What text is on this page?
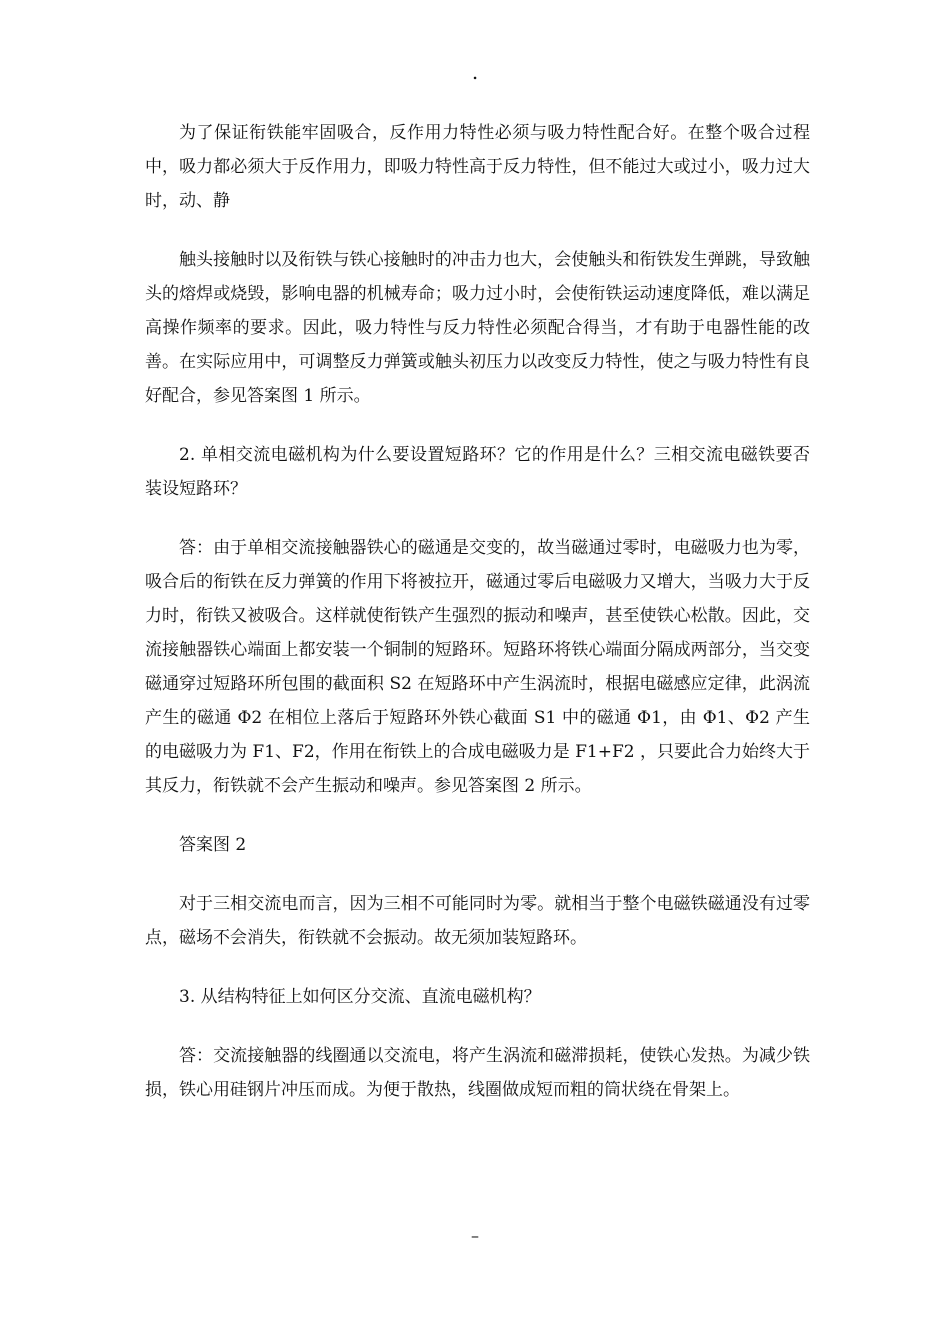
.

为了保证衔铁能牢固吸合，反作用力特性必须与吸力特性配合好。在整个吸合过程中，吸力都必须大于反作用力，即吸力特性高于反力特性，但不能过大或过小，吸力过大时，动、静

触头接触时以及衔铁与铁心接触时的冲击力也大，会使触头和衔铁发生弹跳，导致触头的熔焊或烧毁，影响电器的机械寿命；吸力过小时，会使衔铁运动速度降低，难以满足高操作频率的要求。因此，吸力特性与反力特性必须配合得当，才有助于电器性能的改善。在实际应用中，可调整反力弹簧或触头初压力以改变反力特性，使之与吸力特性有良好配合，参见答案图 1 所示。

2. 单相交流电磁机构为什么要设置短路环？它的作用是什么？三相交流电磁铁要否装设短路环？

答：由于单相交流接触器铁心的磁通是交变的，故当磁通过零时，电磁吸力也为零，吸合后的衔铁在反力弹簧的作用下将被拉开，磁通过零后电磁吸力又增大，当吸力大于反力时，衔铁又被吸合。这样就使衔铁产生强烈的振动和噪声，甚至使铁心松散。因此，交流接触器铁心端面上都安装一个铜制的短路环。短路环将铁心端面分隔成两部分，当交变磁通穿过短路环所包围的截面积 S2 在短路环中产生涡流时，根据电磁感应定律，此涡流产生的磁通 Φ2 在相位上落后于短路环外铁心截面 S1 中的磁通 Φ1，由 Φ1、Φ2 产生的电磁吸力为 F1、F2，作用在衔铁上的合成电磁吸力是 F1+F2 ，只要此合力始终大于其反力，衔铁就不会产生振动和噪声。参见答案图 2 所示。

答案图 2

对于三相交流电而言，因为三相不可能同时为零。就相当于整个电磁铁磁通没有过零点，磁场不会消失，衔铁就不会振动。故无须加装短路环。

3. 从结构特征上如何区分交流、直流电磁机构？

答：交流接触器的线圈通以交流电，将产生涡流和磁滞损耗，使铁心发热。为减少铁损，铁心用硅钢片冲压而成。为便于散热，线圈做成短而粗的筒状绕在骨架上。

–
